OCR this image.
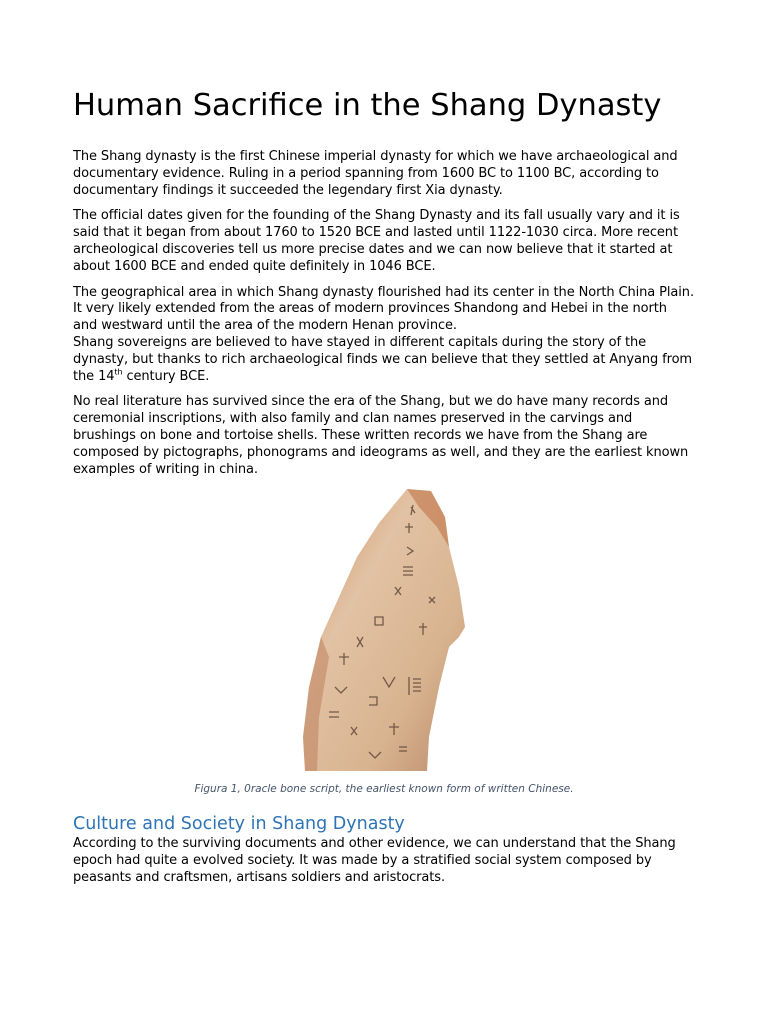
Human Sacrifice in the Shang Dynasty

The Shang dynasty is the first Chinese imperial dynasty for which we have archaeological and documentary evidence. Ruling in a period spanning from 1600 BC to 1100 BC, according to documentary findings it succeeded the legendary first Xia dynasty.

The official dates given for the founding of the Shang Dynasty and its fall usually vary and it is said that it began from about 1760 to 1520 BCE and lasted until 1122-1030 circa. More recent archeological discoveries tell us more precise dates and we can now believe that it started at about 1600 BCE and ended quite definitely in 1046 BCE.

The geographical area in which Shang dynasty flourished had its center in the North China Plain. It very likely extended from the areas of modern provinces Shandong and Hebei in the north and westward until the area of the modern Henan province.
Shang sovereigns are believed to have stayed in different capitals during the story of the dynasty, but thanks to rich archaeological finds we can believe that they settled at Anyang from the 14th century BCE.

No real literature has survived since the era of the Shang, but we do have many records and ceremonial inscriptions, with also family and clan names preserved in the carvings and brushings on bone and tortoise shells. These written records we have from the Shang are composed by pictographs, phonograms and ideograms as well, and they are the earliest known examples of writing in china.

Figura 1, 0racle bone script, the earliest known form of written Chinese.
Culture and Society in Shang Dynasty

According to the surviving documents and other evidence, we can understand that the Shang epoch had quite a evolved society. It was made by a stratified social system composed by peasants and craftsmen, artisans soldiers and aristocrats.
